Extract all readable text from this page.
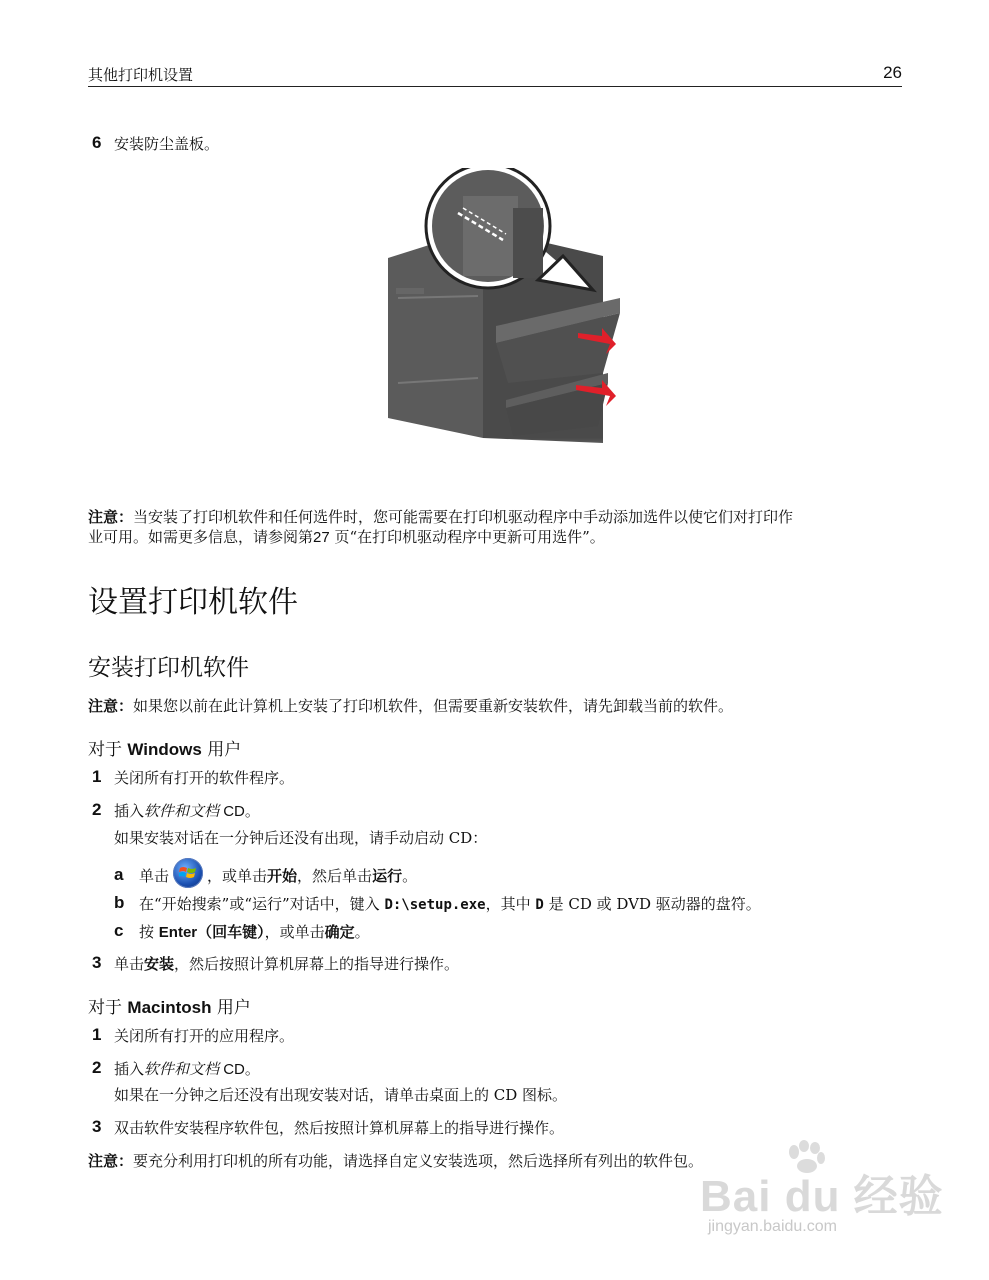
其他打印机设置	26
6 安装防尘盖板。
注意：当安装了打印机软件和任何选件时，您可能需要在打印机驱动程序中手动添加选件以使它们对打印作
业可用。如需更多信息，请参阅第27 页“在打印机驱动程序中更新可用选件”。
设置打印机软件
安装打印机软件
注意：如果您以前在此计算机上安装了打印机软件，但需要重新安装软件，请先卸载当前的软件。
对于 Windows 用户
1 关闭所有打开的软件程序。
2 插入软件和文档 CD。
如果安装对话在一分钟后还没有出现，请手动启动 CD：
a 单击	，或单击开始，然后单击运行。
b 在“开始搜索”或“运行”对话中，键入 D:\setup.exe，其中 D 是 CD 或 DVD 驱动器的盘符。
c 按 Enter（回车键），或单击确定。
3 单击安装，然后按照计算机屏幕上的指导进行操作。
对于 Macintosh 用户
1 关闭所有打开的应用程序。
2 插入软件和文档 CD。
如果在一分钟之后还没有出现安装对话，请单击桌面上的 CD 图标。
3 双击软件安装程序软件包，然后按照计算机屏幕上的指导进行操作。
注意：要充分利用打印机的所有功能，请选择自定义安装选项，然后选择所有列出的软件包。
Bai du 经验
jingyan.baidu.com
